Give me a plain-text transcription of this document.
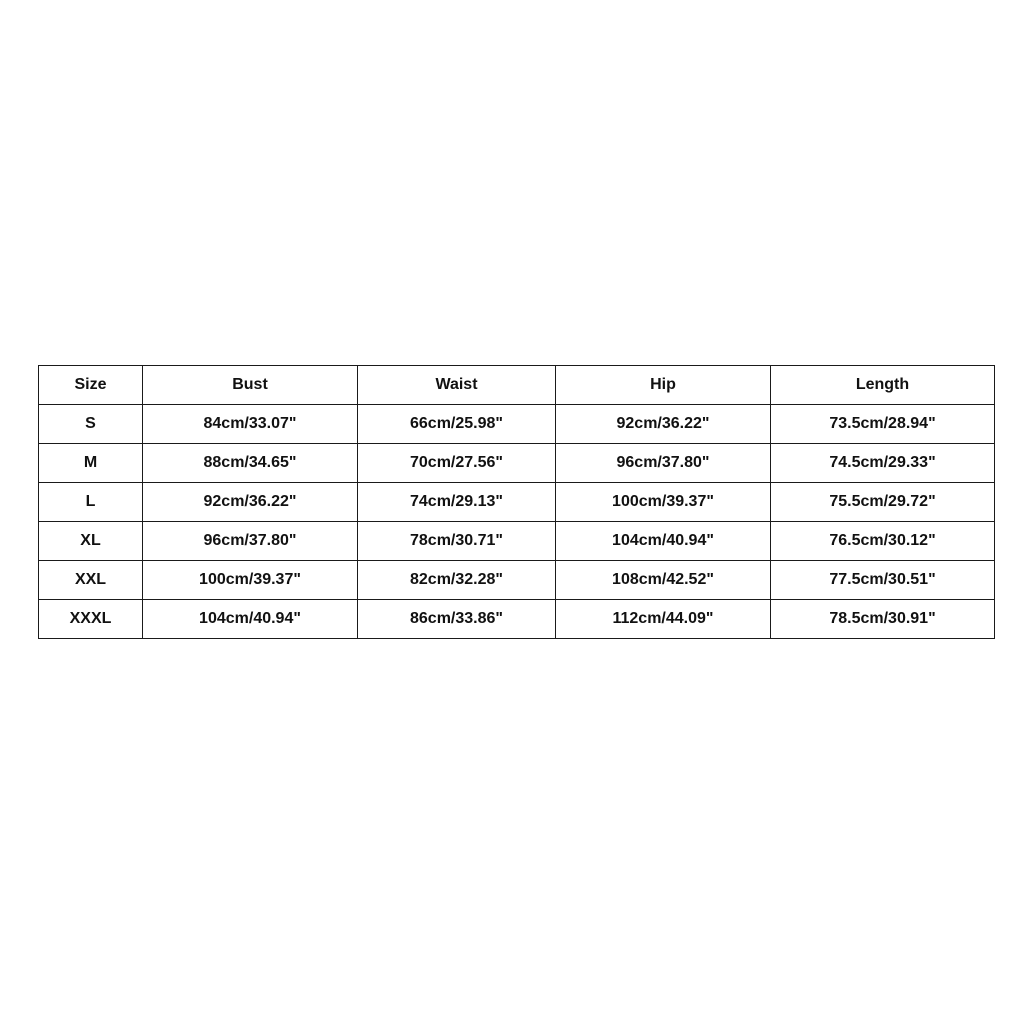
Size	Bust	Waist	Hip	Length
S	84cm/33.07"	66cm/25.98"	92cm/36.22"	73.5cm/28.94"
M	88cm/34.65"	70cm/27.56"	96cm/37.80"	74.5cm/29.33"
L	92cm/36.22"	74cm/29.13"	100cm/39.37"	75.5cm/29.72"
XL	96cm/37.80"	78cm/30.71"	104cm/40.94"	76.5cm/30.12"
XXL	100cm/39.37"	82cm/32.28"	108cm/42.52"	77.5cm/30.51"
XXXL	104cm/40.94"	86cm/33.86"	112cm/44.09"	78.5cm/30.91"
